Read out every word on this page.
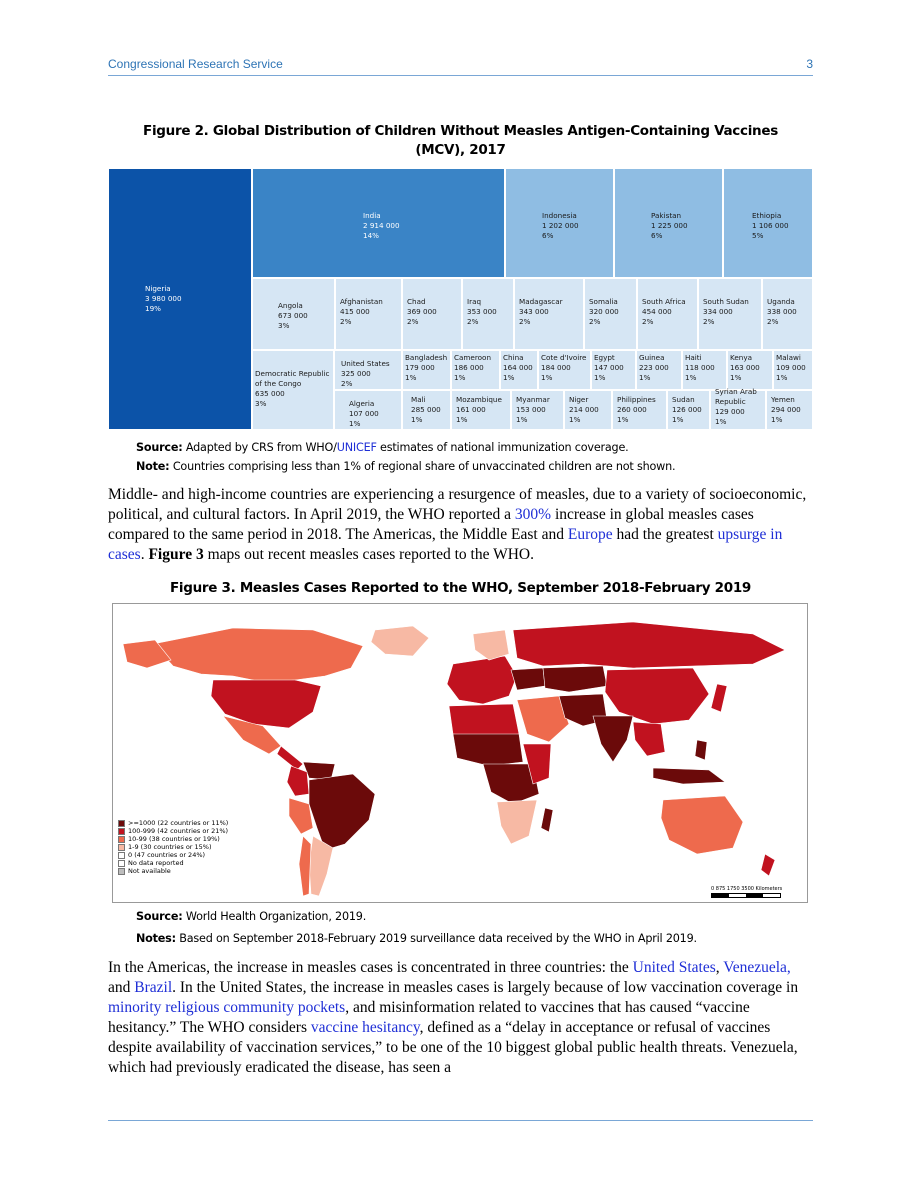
Congressional Research Service	3
Figure 2. Global Distribution of Children Without Measles Antigen-Containing Vaccines
(MCV), 2017
Nigeria
3 980 000
19%
India
2 914 000
14%
Indonesia
1 202 000
6%
Pakistan
1 225 000
6%
Ethiopia
1 106 000
5%
Angola
673 000
3%
Afghanistan
415 000
2%
Chad
369 000
2%
Iraq
353 000
2%
Madagascar
343 000
2%
Somalia
320 000
2%
South Africa
454 000
2%
South Sudan
334 000
2%
Uganda
338 000
2%
Democratic Republic of the Congo
635 000
3%
United States
325 000
2%
Bangladesh
179 000
1%
Cameroon
186 000
1%
China
164 000
1%
Cote d'Ivoire
184 000
1%
Egypt
147 000
1%
Guinea
223 000
1%
Haiti
118 000
1%
Kenya
163 000
1%
Malawi
109 000
1%
Algeria
107 000
1%
Mali
285 000
1%
Mozambique
161 000
1%
Myanmar
153 000
1%
Niger
214 000
1%
Philippines
260 000
1%
Sudan
126 000
1%
Syrian Arab Republic
129 000
1%
Yemen
294 000
1%
Source: Adapted by CRS from WHO/UNICEF estimates of national immunization coverage.
Note: Countries comprising less than 1% of regional share of unvaccinated children are not shown.
Middle- and high-income countries are experiencing a resurgence of measles, due to a variety of socioeconomic, political, and cultural factors. In April 2019, the WHO reported a 300% increase in global measles cases compared to the same period in 2018. The Americas, the Middle East and Europe had the greatest upsurge in cases. Figure 3 maps out recent measles cases reported to the WHO.
Figure 3. Measles Cases Reported to the WHO, September 2018-February 2019
>=1000 (22 countries or 11%)
100-999 (42 countries or 21%)
10-99 (38 countries or 19%)
1-9 (30 countries or 15%)
0 (47 countries or 24%)
No data reported
Not available
0 875 1750 3500 Kilometers
Source: World Health Organization, 2019.
Notes: Based on September 2018-February 2019 surveillance data received by the WHO in April 2019.
In the Americas, the increase in measles cases is concentrated in three countries: the United States, Venezuela, and Brazil. In the United States, the increase in measles cases is largely because of low vaccination coverage in minority religious community pockets, and misinformation related to vaccines that has caused “vaccine hesitancy.” The WHO considers vaccine hesitancy, defined as a “delay in acceptance or refusal of vaccines despite availability of vaccination services,” to be one of the 10 biggest global public health threats. Venezuela, which had previously eradicated the disease, has seen a
